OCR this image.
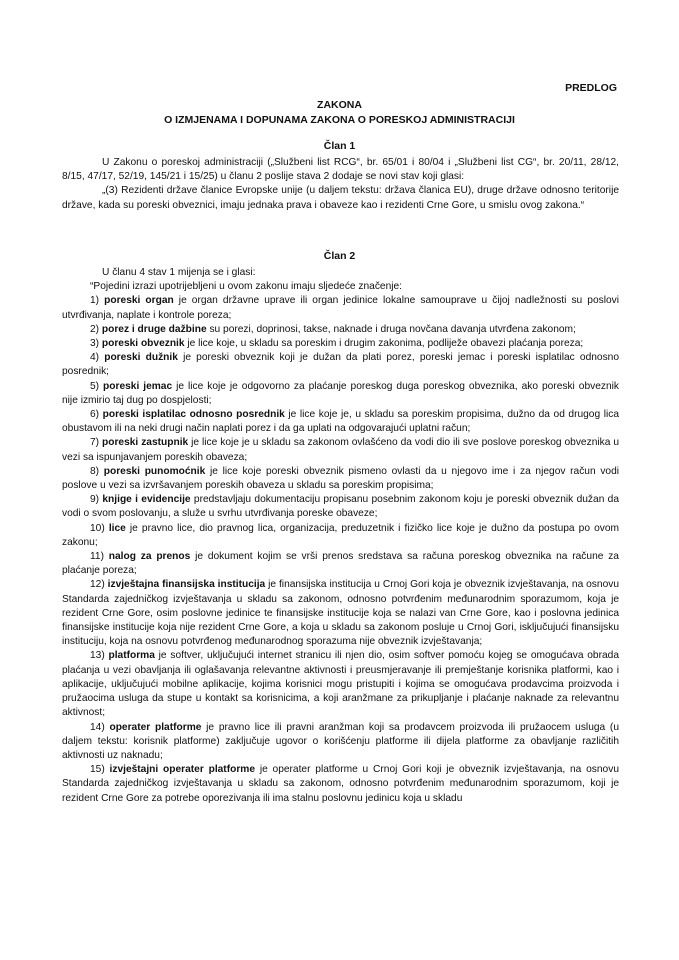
PREDLOG
ZAKONA
O IZMJENAMA I DOPUNAMA ZAKONA O PORESKOJ ADMINISTRACIJI
Član 1

U Zakonu o poreskoj administraciji („Službeni list RCG“, br. 65/01 i 80/04 i „Službeni list CG“, br. 20/11, 28/12, 8/15, 47/17, 52/19, 145/21 i 15/25) u članu 2 poslije stava 2 dodaje se novi stav koji glasi:

„(3) Rezidenti države članice Evropske unije (u daljem tekstu: država članica EU), druge države odnosno teritorije države, kada su poreski obveznici, imaju jednaka prava i obaveze kao i rezidenti Crne Gore, u smislu ovog zakona.“

Član 2

U članu 4 stav 1 mijenja se i glasi:

“Pojedini izrazi upotrijebljeni u ovom zakonu imaju sljedeće značenje:

1) poreski organ je organ državne uprave ili organ jedinice lokalne samouprave u čijoj nadležnosti su poslovi utvrđivanja, naplate i kontrole poreza;

2) porez i druge dažbine su porezi, doprinosi, takse, naknade i druga novčana davanja utvrđena zakonom;

3) poreski obveznik je lice koje, u skladu sa poreskim i drugim zakonima, podliježe obavezi plaćanja poreza;

4) poreski dužnik je poreski obveznik koji je dužan da plati porez, poreski jemac i poreski isplatilac odnosno posrednik;

5) poreski jemac je lice koje je odgovorno za plaćanje poreskog duga poreskog obveznika, ako poreski obveznik nije izmirio taj dug po dospjelosti;

6) poreski isplatilac odnosno posrednik je lice koje je, u skladu sa poreskim propisima, dužno da od drugog lica obustavom ili na neki drugi način naplati porez i da ga uplati na odgovarajući uplatni račun;

7) poreski zastupnik je lice koje je u skladu sa zakonom ovlašćeno da vodi dio ili sve poslove poreskog obveznika u vezi sa ispunjavanjem poreskih obaveza;

8) poreski punomoćnik je lice koje poreski obveznik pismeno ovlasti da u njegovo ime i za njegov račun vodi poslove u vezi sa izvršavanjem poreskih obaveza u skladu sa poreskim propisima;

9) knjige i evidencije predstavljaju dokumentaciju propisanu posebnim zakonom koju je poreski obveznik dužan da vodi o svom poslovanju, a služe u svrhu utvrđivanja poreske obaveze;

10) lice je pravno lice, dio pravnog lica, organizacija, preduzetnik i fizičko lice koje je dužno da postupa po ovom zakonu;

11) nalog za prenos je dokument kojim se vrši prenos sredstava sa računa poreskog obveznika na račune za plaćanje poreza;

12) izvještajna finansijska institucija je finansijska institucija u Crnoj Gori koja je obveznik izvještavanja, na osnovu Standarda zajedničkog izvještavanja u skladu sa zakonom, odnosno potvrđenim međunarodnim sporazumom, koja je rezident Crne Gore, osim poslovne jedinice te finansijske institucije koja se nalazi van Crne Gore, kao i poslovna jedinica finansijske institucije koja nije rezident Crne Gore, a koja u skladu sa zakonom posluje u Crnoj Gori, isključujući finansijsku instituciju, koja na osnovu potvrđenog međunarodnog sporazuma nije obveznik izvještavanja;

13) platforma je softver, uključujući internet stranicu ili njen dio, osim softver pomoću kojeg se omogućava obrada plaćanja u vezi obavljanja ili oglašavanja relevantne aktivnosti i preusmjeravanje ili premještanje korisnika platformi, kao i aplikacije, uključujući mobilne aplikacije, kojima korisnici mogu pristupiti i kojima se omogućava prodavcima proizvoda i pružaocima usluga da stupe u kontakt sa korisnicima, a koji aranžmane za prikupljanje i plaćanje naknade za relevantnu aktivnost;

14) operater platforme je pravno lice ili pravni aranžman koji sa prodavcem proizvoda ili pružaocem usluga (u daljem tekstu: korisnik platforme) zaključuje ugovor o korišćenju platforme ili dijela platforme za obavljanje različitih aktivnosti uz naknadu;

15) izvještajni operater platforme je operater platforme u Crnoj Gori koji je obveznik izvještavanja, na osnovu Standarda zajedničkog izvještavanja u skladu sa zakonom, odnosno potvrđenim međunarodnim sporazumom, koji je rezident Crne Gore za potrebe oporezivanja ili ima stalnu poslovnu jedinicu koja u skladu
